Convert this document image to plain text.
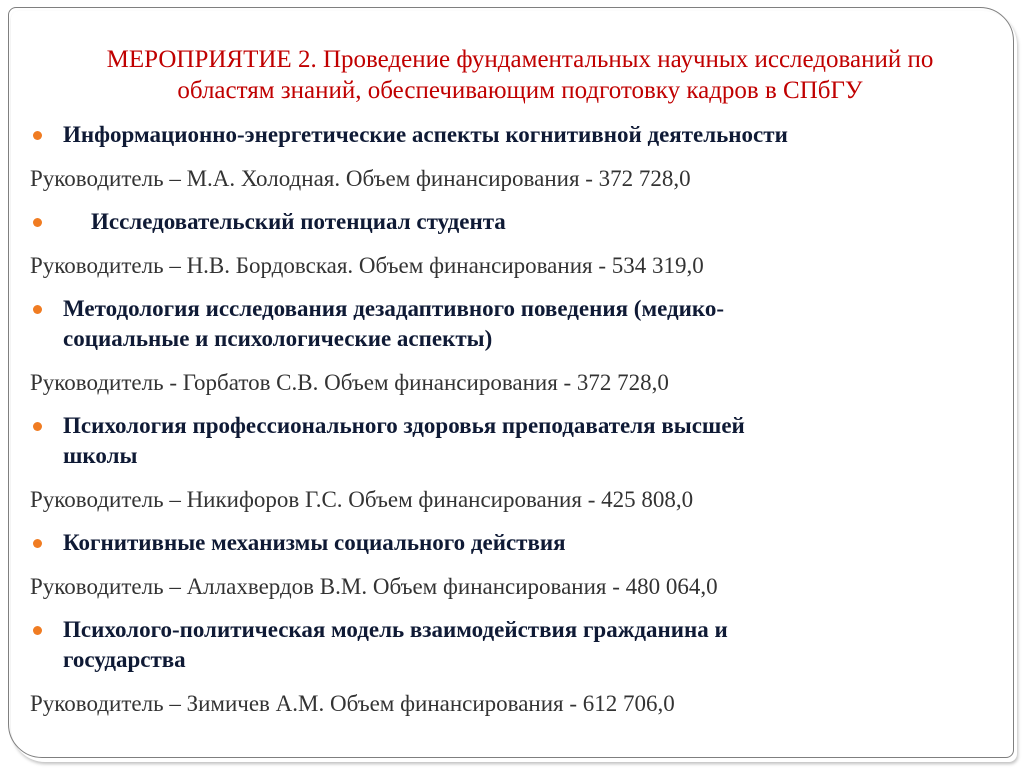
МЕРОПРИЯТИЕ 2. Проведение фундаментальных научных исследований по
областям знаний, обеспечивающим подготовку кадров в СПбГУ
Информационно-энергетические аспекты когнитивной деятельности
Руководитель – М.А. Холодная. Объем финансирования - 372 728,0
Исследовательский потенциал студента
Руководитель – Н.В. Бордовская. Объем финансирования - 534 319,0
Методология исследования дезадаптивного поведения (медико-
социальные и психологические аспекты)
Руководитель - Горбатов С.В. Объем финансирования - 372 728,0
Психология профессионального здоровья преподавателя высшей
школы
Руководитель – Никифоров Г.С. Объем финансирования - 425 808,0
Когнитивные механизмы социального действия
Руководитель – Аллахвердов В.М. Объем финансирования - 480 064,0
Психолого-политическая модель взаимодействия гражданина и
государства
Руководитель – Зимичев А.М. Объем финансирования - 612 706,0
